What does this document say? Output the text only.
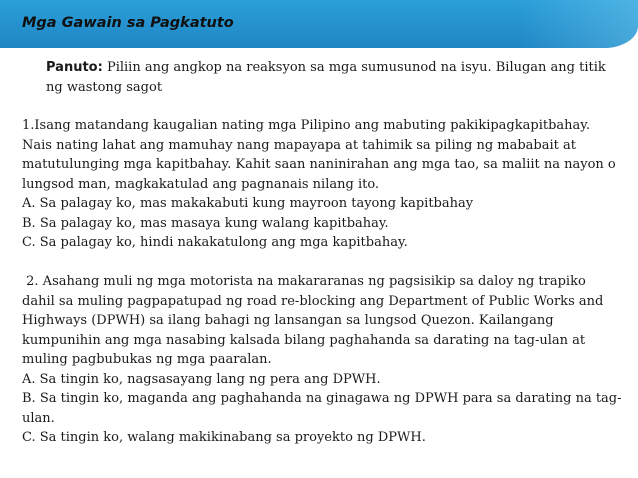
Mga Gawain sa Pagkatuto
Panuto: Piliin ang angkop na reaksyon sa mga sumusunod na isyu. Bilugan ang titik ng wastong sagot

1.Isang matandang kaugalian nating mga Pilipino ang mabuting pakikipagkapitbahay. Nais nating lahat ang mamuhay nang mapayapa at tahimik sa piling ng mababait at matutulunging mga kapitbahay. Kahit saan naninirahan ang mga tao, sa maliit na nayon o lungsod man, magkakatulad ang pagnanais nilang ito.

A. Sa palagay ko, mas makakabuti kung mayroon tayong kapitbahay

B. Sa palagay ko, mas masaya kung walang kapitbahay.

C. Sa palagay ko, hindi nakakatulong ang mga kapitbahay.

2. Asahang muli ng mga motorista na makararanas ng pagsisikip sa daloy ng trapiko dahil sa muling pagpapatupad ng road re-blocking ang Department of Public Works and Highways (DPWH) sa ilang bahagi ng lansangan sa lungsod Quezon. Kailangang kumpunihin ang mga nasabing kalsada bilang paghahanda sa darating na tag-ulan at muling pagbubukas ng mga paaralan.

A. Sa tingin ko, nagsasayang lang ng pera ang DPWH.

B. Sa tingin ko, maganda ang paghahanda na ginagawa ng DPWH para sa darating na tag-ulan.

C. Sa tingin ko, walang makikinabang sa proyekto ng DPWH.
